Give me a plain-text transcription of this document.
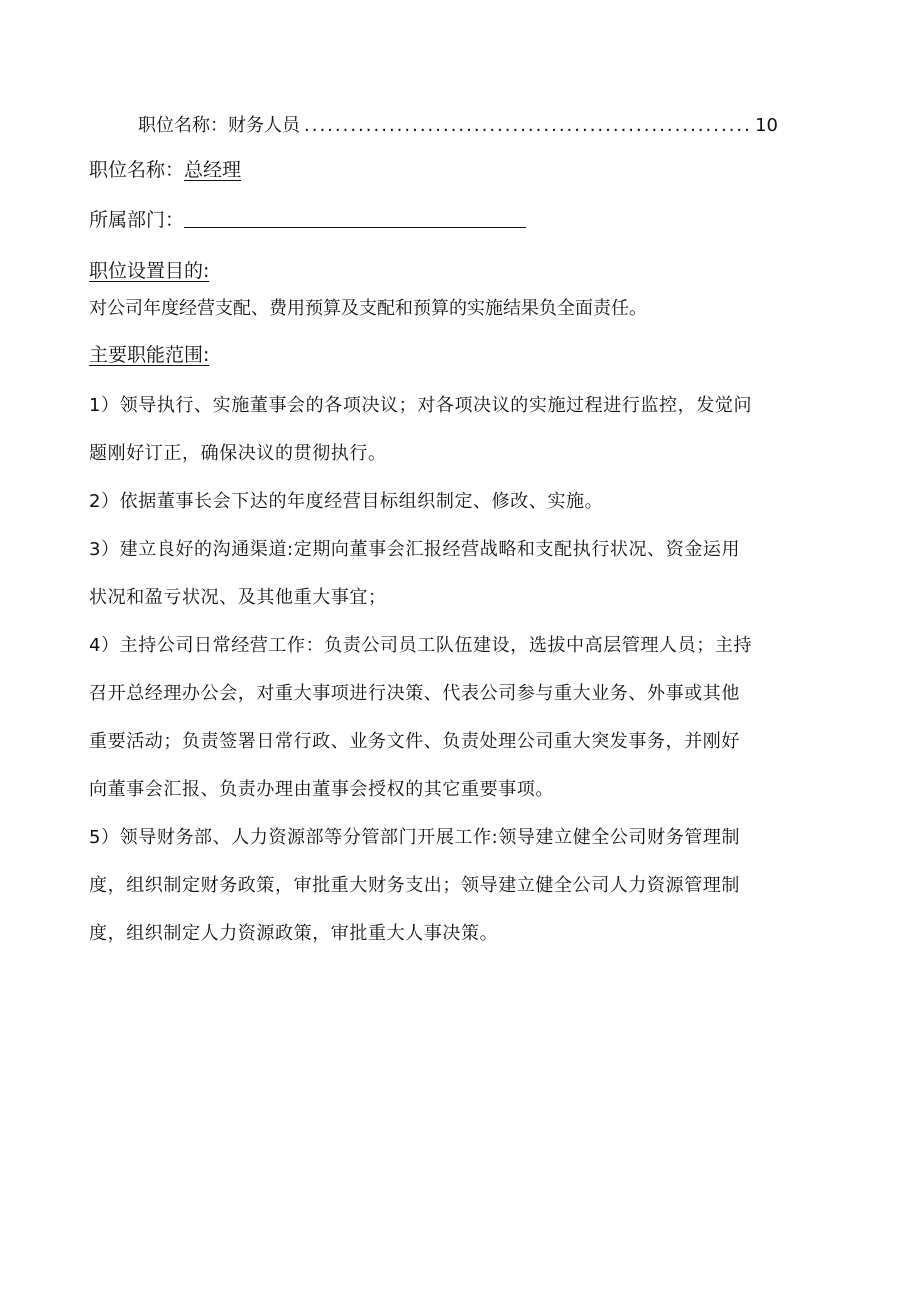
职位名称：财务人员
.....	10
职位名称：总经理
所属部门：
职位设置目的:
对公司年度经营支配、费用预算及支配和预算的实施结果负全面责任。
主要职能范围:
1）领导执行、实施董事会的各项决议；对各项决议的实施过程进行监控，发觉问
题刚好订正，确保决议的贯彻执行。
2）依据董事长会下达的年度经营目标组织制定、修改、实施。
3）建立良好的沟通渠道:定期向董事会汇报经营战略和支配执行状况、资金运用
状况和盈亏状况、及其他重大事宜；
4）主持公司日常经营工作：负责公司员工队伍建设，选拔中高层管理人员；主持
召开总经理办公会，对重大事项进行决策、代表公司参与重大业务、外事或其他
重要活动；负责签署日常行政、业务文件、负责处理公司重大突发事务，并刚好
向董事会汇报、负责办理由董事会授权的其它重要事项。
5）领导财务部、人力资源部等分管部门开展工作:领导建立健全公司财务管理制
度，组织制定财务政策，审批重大财务支出；领导建立健全公司人力资源管理制
度，组织制定人力资源政策，审批重大人事决策。
